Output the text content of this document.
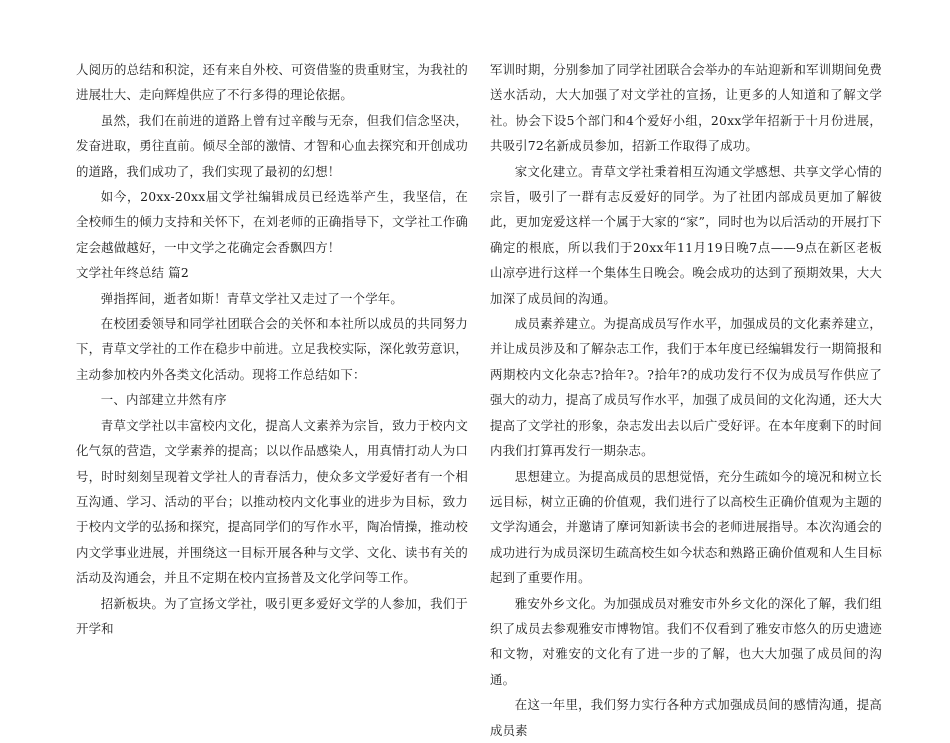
人阅历的总结和积淀，还有来自外校、可资借鉴的贵重财宝，为我社的进展壮大、走向辉煌供应了不行多得的理论依据。

虽然，我们在前进的道路上曾有过辛酸与无奈，但我们信念坚决，发奋进取，勇往直前。倾尽全部的激情、才智和心血去探究和开创成功的道路，我们成功了，我们实现了最初的幻想！

如今，20xx-20xx届文学社编辑成员已经选举产生，我坚信，在全校师生的倾力支持和关怀下，在刘老师的正确指导下，文学社工作确定会越做越好，一中文学之花确定会香飘四方！

文学社年终总结 篇2

弹指挥间，逝者如斯！青草文学社又走过了一个学年。

在校团委领导和同学社团联合会的关怀和本社所以成员的共同努力下，青草文学社的工作在稳步中前进。立足我校实际，深化敦劳意识，主动参加校内外各类文化活动。现将工作总结如下：

一、内部建立井然有序

青草文学社以丰富校内文化，提高人文素养为宗旨，致力于校内文化气氛的营造，文学素养的提高；以以作品感染人，用真情打动人为口号，时时刻刻呈现着文学社人的青春活力，使众多文学爱好者有一个相互沟通、学习、活动的平台；以推动校内文化事业的进步为目标，致力于校内文学的弘扬和探究，提高同学们的写作水平，陶冶情操，推动校内文学事业进展，并围绕这一目标开展各种与文学、文化、读书有关的活动及沟通会，并且不定期在校内宣扬普及文化学问等工作。

招新板块。为了宣扬文学社，吸引更多爱好文学的人参加，我们于开学和

军训时期，分别参加了同学社团联合会举办的车站迎新和军训期间免费送水活动，大大加强了对文学社的宣扬，让更多的人知道和了解文学社。协会下设5个部门和4个爱好小组，20xx学年招新于十月份进展，共吸引72名新成员参加，招新工作取得了成功。

家文化建立。青草文学社秉着相互沟通文学感想、共享文学心情的宗旨，吸引了一群有志反爱好的同学。为了社团内部成员更加了解彼此，更加宠爱这样一个属于大家的“家”，同时也为以后活动的开展打下确定的根底，所以我们于20xx年11月19日晚7点——9点在新区老板山凉亭进行这样一个集体生日晚会。晚会成功的达到了预期效果，大大加深了成员间的沟通。

成员素养建立。为提高成员写作水平，加强成员的文化素养建立，并让成员涉及和了解杂志工作，我们于本年度已经编辑发行一期简报和两期校内文化杂志?拾年?。?拾年?的成功发行不仅为成员写作供应了强大的动力，提高了成员写作水平，加强了成员间的文化沟通，还大大提高了文学社的形象，杂志发出去以后广受好评。在本年度剩下的时间内我们打算再发行一期杂志。

思想建立。为提高成员的思想觉悟，充分生疏如今的境况和树立长远目标，树立正确的价值观，我们进行了以高校生正确价值观为主题的文学沟通会，并邀请了摩诃知新读书会的老师进展指导。本次沟通会的成功进行为成员深切生疏高校生如今状态和熟路正确价值观和人生目标起到了重要作用。

雅安外乡文化。为加强成员对雅安市外乡文化的深化了解，我们组织了成员去参观雅安市博物馆。我们不仅看到了雅安市悠久的历史遗迹和文物，对雅安的文化有了进一步的了解，也大大加强了成员间的沟通。

在这一年里，我们努力实行各种方式加强成员间的感情沟通，提高成员素
